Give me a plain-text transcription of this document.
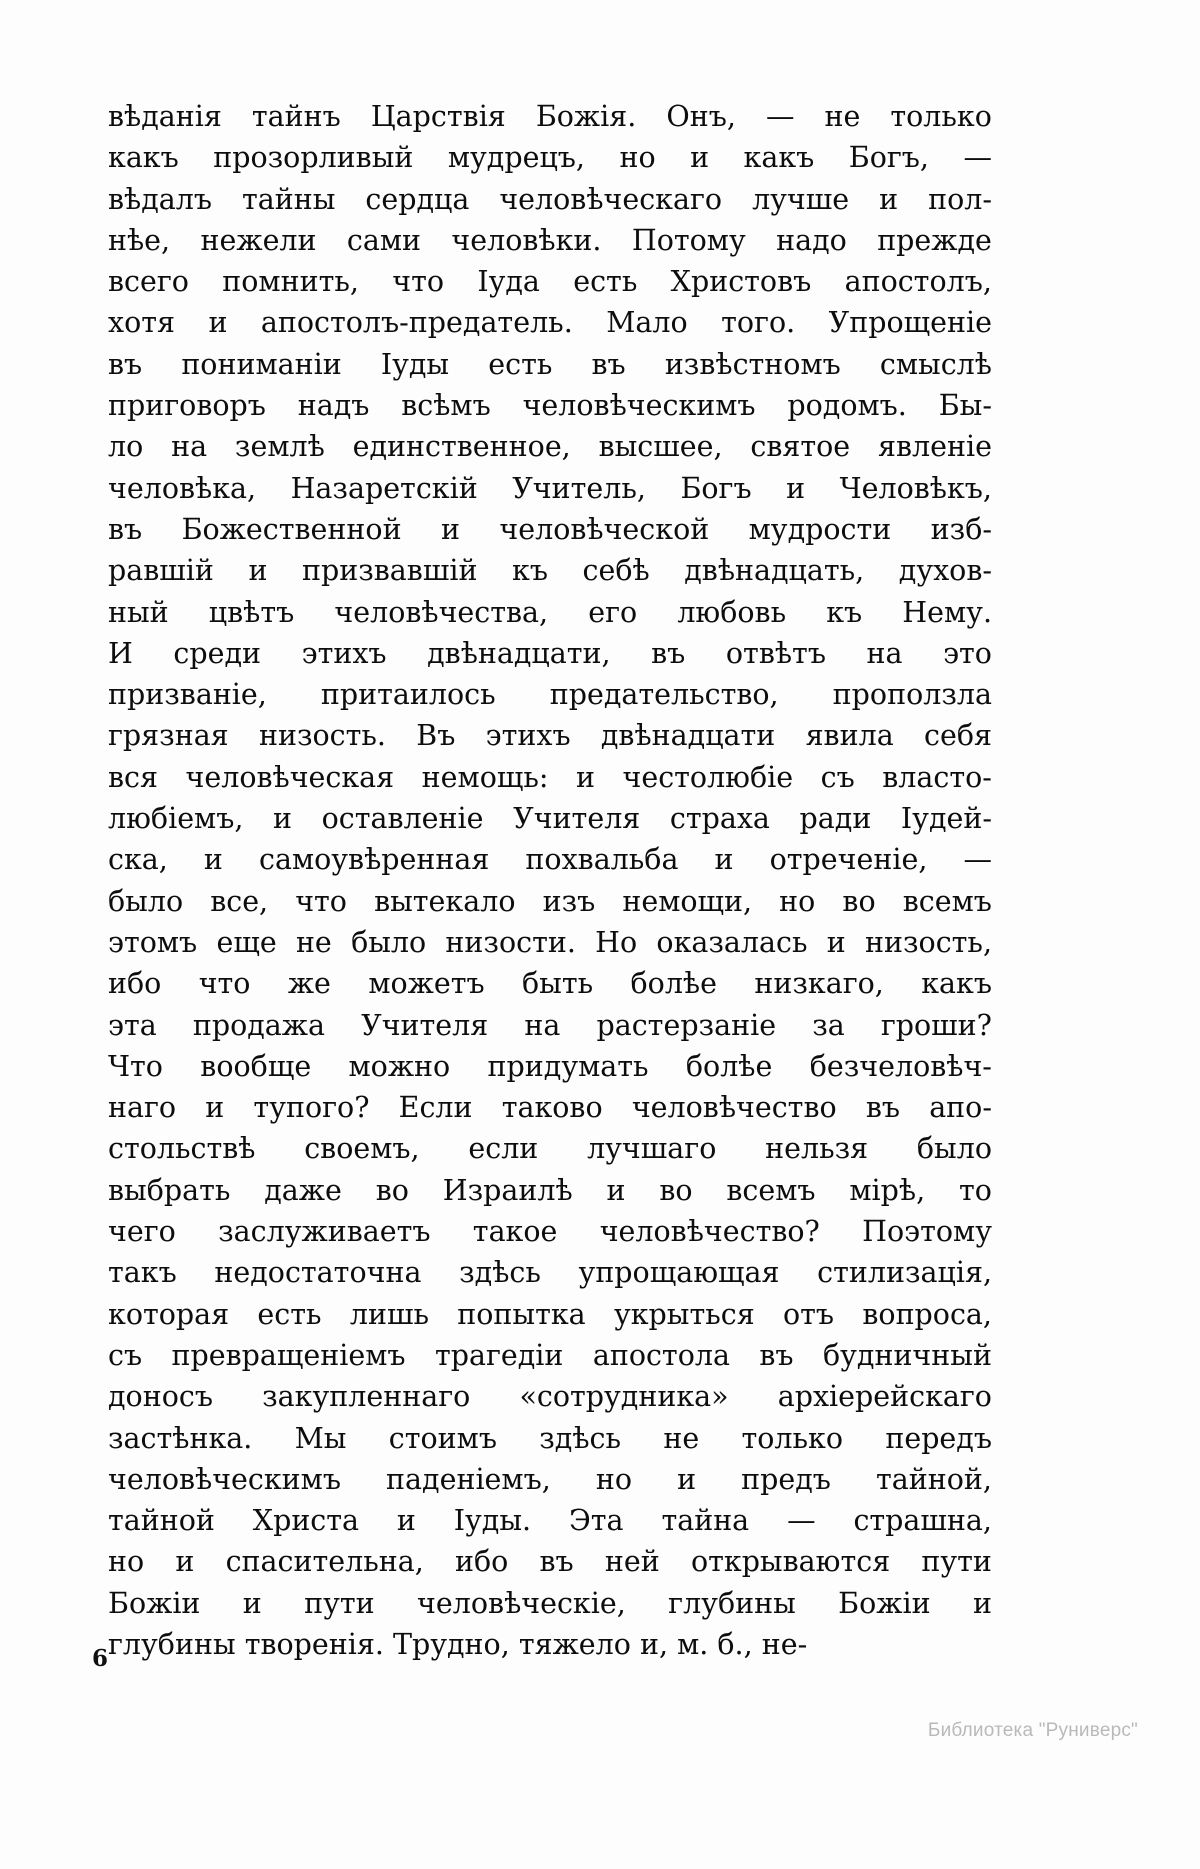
вѣданія тайнъ Царствія Божія. Онъ, — не только
какъ прозорливый мудрецъ, но и какъ Богъ, —
вѣдалъ тайны сердца человѣческаго лучше и пол-
нѣе, нежели сами человѣки. Потому надо прежде
всего помнить, что Іуда есть Христовъ апостолъ,
хотя и апостолъ-предатель. Мало того. Упрощеніе
въ пониманіи Іуды есть въ извѣстномъ смыслѣ
приговоръ надъ всѣмъ человѣческимъ родомъ. Бы-
ло на землѣ единственное, высшее, святое явленіе
человѣка, Назаретскій Учитель, Богъ и Человѣкъ,
въ Божественной и человѣческой мудрости изб-
равшій и призвавшій къ себѣ двѣнадцать, духов-
ный цвѣтъ человѣчества, его любовь къ Нему.
И среди этихъ двѣнадцати, въ отвѣтъ на это
призваніе, притаилось предательство, проползла
грязная низость. Въ этихъ двѣнадцати явила себя
вся человѣческая немощь: и честолюбіе съ власто-
любіемъ, и оставленіе Учителя страха ради Іудей-
ска, и самоувѣренная похвальба и отреченіе, —
было все, что вытекало изъ немощи, но во всемъ
этомъ еще не было низости. Но оказалась и низость,
ибо что же можетъ быть болѣе низкаго, какъ
эта продажа Учителя на растерзаніе за гроши?
Что вообще можно придумать болѣе безчеловѣч-
наго и тупого? Если таково человѣчество въ апо-
стольствѣ своемъ, если лучшаго нельзя было
выбрать даже во Израилѣ и во всемъ мірѣ, то
чего заслуживаетъ такое человѣчество? Поэтому
такъ недостаточна здѣсь упрощающая стилизація,
которая есть лишь попытка укрыться отъ вопроса,
съ превращеніемъ трагедіи апостола въ будничный
доносъ закупленнаго «сотрудника» архіерейскаго
застѣнка. Мы стоимъ здѣсь не только передъ
человѣческимъ паденіемъ, но и предъ тайной,
тайной Христа и Іуды. Эта тайна — страшна,
но и спасительна, ибо въ ней открываются пути
Божіи и пути человѣческіе, глубины Божіи и
глубины творенія. Трудно, тяжело и, м. б., не-
6
Библиотека "Руниверс"
